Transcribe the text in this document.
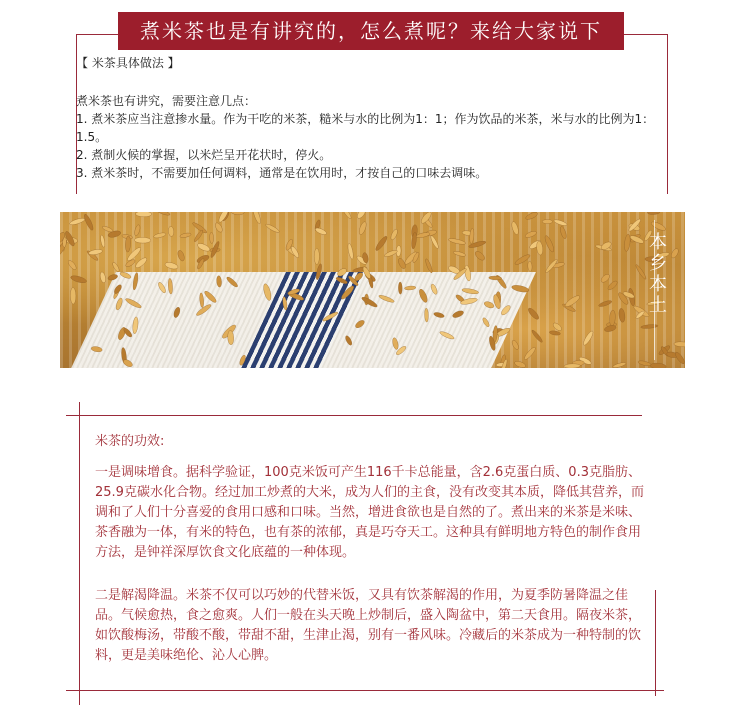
煮米茶也是有讲究的，怎么煮呢？来给大家说下
【 米茶具体做法 】
煮米茶也有讲究，需要注意几点：
1. 煮米茶应当注意掺水量。作为干吃的米茶，糙米与水的比例为1：1；作为饮品的米茶，米与水的比例为1：1.5。
2. 煮制火候的掌握，以米烂呈开花状时，停火。
3. 煮米茶时，不需要加任何调料，通常是在饮用时，才按自己的口味去调味。
本乡本土
米茶的功效:

一是调味增食。据科学验证，100克米饭可产生116千卡总能量，含2.6克蛋白质、0.3克脂肪、25.9克碳水化合物。经过加工炒煮的大米，成为人们的主食，没有改变其本质，降低其营养，而调和了人们十分喜爱的食用口感和口味。当然，增进食欲也是自然的了。煮出来的米茶是米味、茶香融为一体，有米的特色，也有茶的浓郁，真是巧夺天工。这种具有鲜明地方特色的制作食用方法，是钟祥深厚饮食文化底蕴的一种体现。

二是解渴降温。米茶不仅可以巧妙的代替米饭，又具有饮茶解渴的作用，为夏季防暑降温之佳品。气候愈热，食之愈爽。人们一般在头天晚上炒制后，盛入陶盆中，第二天食用。隔夜米茶，如饮酸梅汤，带酸不酸，带甜不甜，生津止渴，别有一番风味。冷藏后的米茶成为一种特制的饮料，更是美味绝伦、沁人心脾。
